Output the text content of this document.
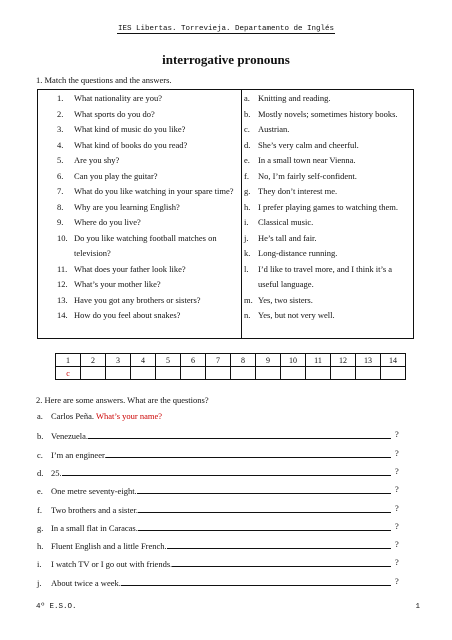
IES Libertas. Torrevieja. Departamento de Inglés
interrogative pronouns
1. Match the questions and the answers.
1. What nationality are you?
2. What sports do you do?
3. What kind of music do you like?
4. What kind of books do you read?
5. Are you shy?
6. Can you play the guitar?
7. What do you like watching in your spare time?
8. Why are you learning English?
9. Where do you live?
10. Do you like watching football matches on
television?
11. What does your father look like?
12. What’s your mother like?
13. Have you got any brothers or sisters?
14. How do you feel about snakes?
a. Knitting and reading.
b. Mostly novels; sometimes history books.
c. Austrian.
d. She’s very calm and cheerful.
e. In a small town near Vienna.
f. No, I’m fairly self-confident.
g. They don’t interest me.
h. I prefer playing games to watching them.
i. Classical music.
j. He’s tall and fair.
k. Long-distance running.
l. I’d like to travel more, and I think it’s a
useful language.
m. Yes, two sisters.
n. Yes, but not very well.
1	2	3	4	5	6	7	8	9	10	11	12	13	14
c													
2. Here are some answers. What are the questions?
a. Carlos Peña. What’s your name?
b. Venezuela.	?
c. I’m an engineer.	?
d. 25.	?
e. One metre seventy-eight.	?
f. Two brothers and a sister.	?
g. In a small flat in Caracas.	?
h. Fluent English and a little French.	?
i. I watch TV or I go out with friends.	?
j. About twice a week.	?
4º E.S.O.	1
